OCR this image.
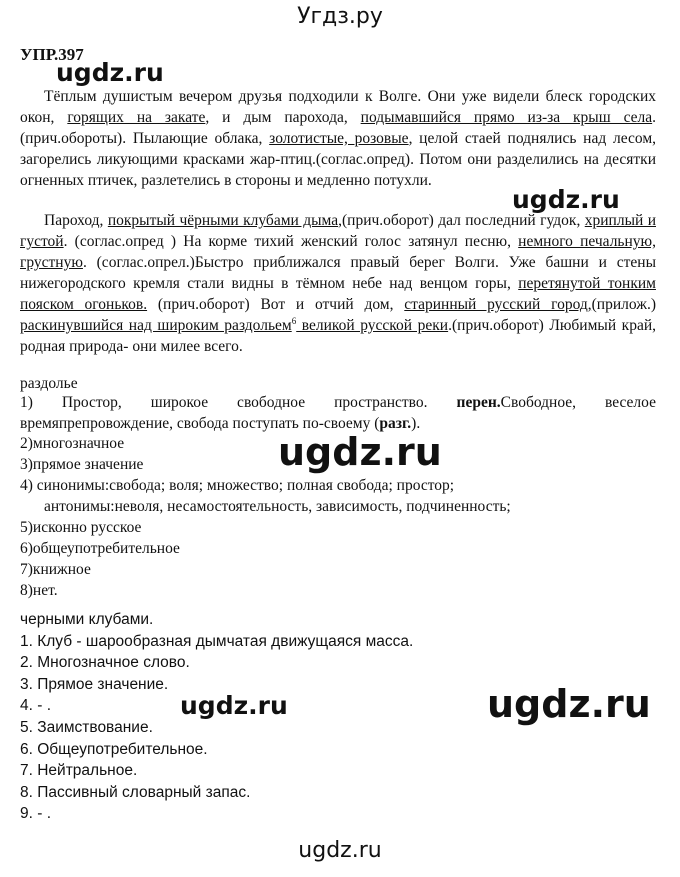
Угдз.ру
УПР.397
Тёплым душистым вечером друзья подходили к Волге. Они уже видели блеск городских окон, горящих на закате, и дым парохода, подымавшийся прямо из-за крыш села.(прич.обороты). Пылающие облака, золотистые, розовые, целой стаей поднялись над лесом, загорелись ликующими красками жар-птиц.(соглас.опред). Потом они разделились на десятки огненных птичек, разлетелись в стороны и медленно потухли.
Пароход, покрытый чёрными клубами дыма,(прич.оборот) дал последний гудок, хриплый и густой. (соглас.опред ) На корме тихий женский голос затянул песню, немного печальную, грустную. (соглас.опрел.)Быстро приближался правый берег Волги. Уже башни и стены нижегородского кремля стали видны в тёмном небе над венцом горы, перетянутой тонким пояском огоньков. (прич.оборот) Вот и отчий дом, старинный русский город,(прилож.) раскинувшийся над широким раздольем$^6$ великой русской реки.(прич.оборот) Любимый край, родная природа- они милее всего.
раздолье
1) Простор, широкое свободное пространство. перен.Свободное, веселое времяпрепровождение, свобода поступать по-своему (разг.).
2)многозначное
3)прямое значение
4) синонимы:свобода; воля; множество; полная свобода; простор;
антонимы:неволя, несамостоятельность, зависимость, подчиненность;
5)исконно русское
6)общеупотребительное
7)книжное
8)нет.
черными клубами.
1. Клуб - шарообразная дымчатая движущаяся масса.
2. Многозначное слово.
3. Прямое значение.
4. - .
5. Заимствование.
6. Общеупотребительное.
7. Нейтральное.
8. Пассивный словарный запас.
9. - .
ugdz.ru
ugdz.ru
ugdz.ru
ugdz.ru	ugdz.ru
ugdz.ru
